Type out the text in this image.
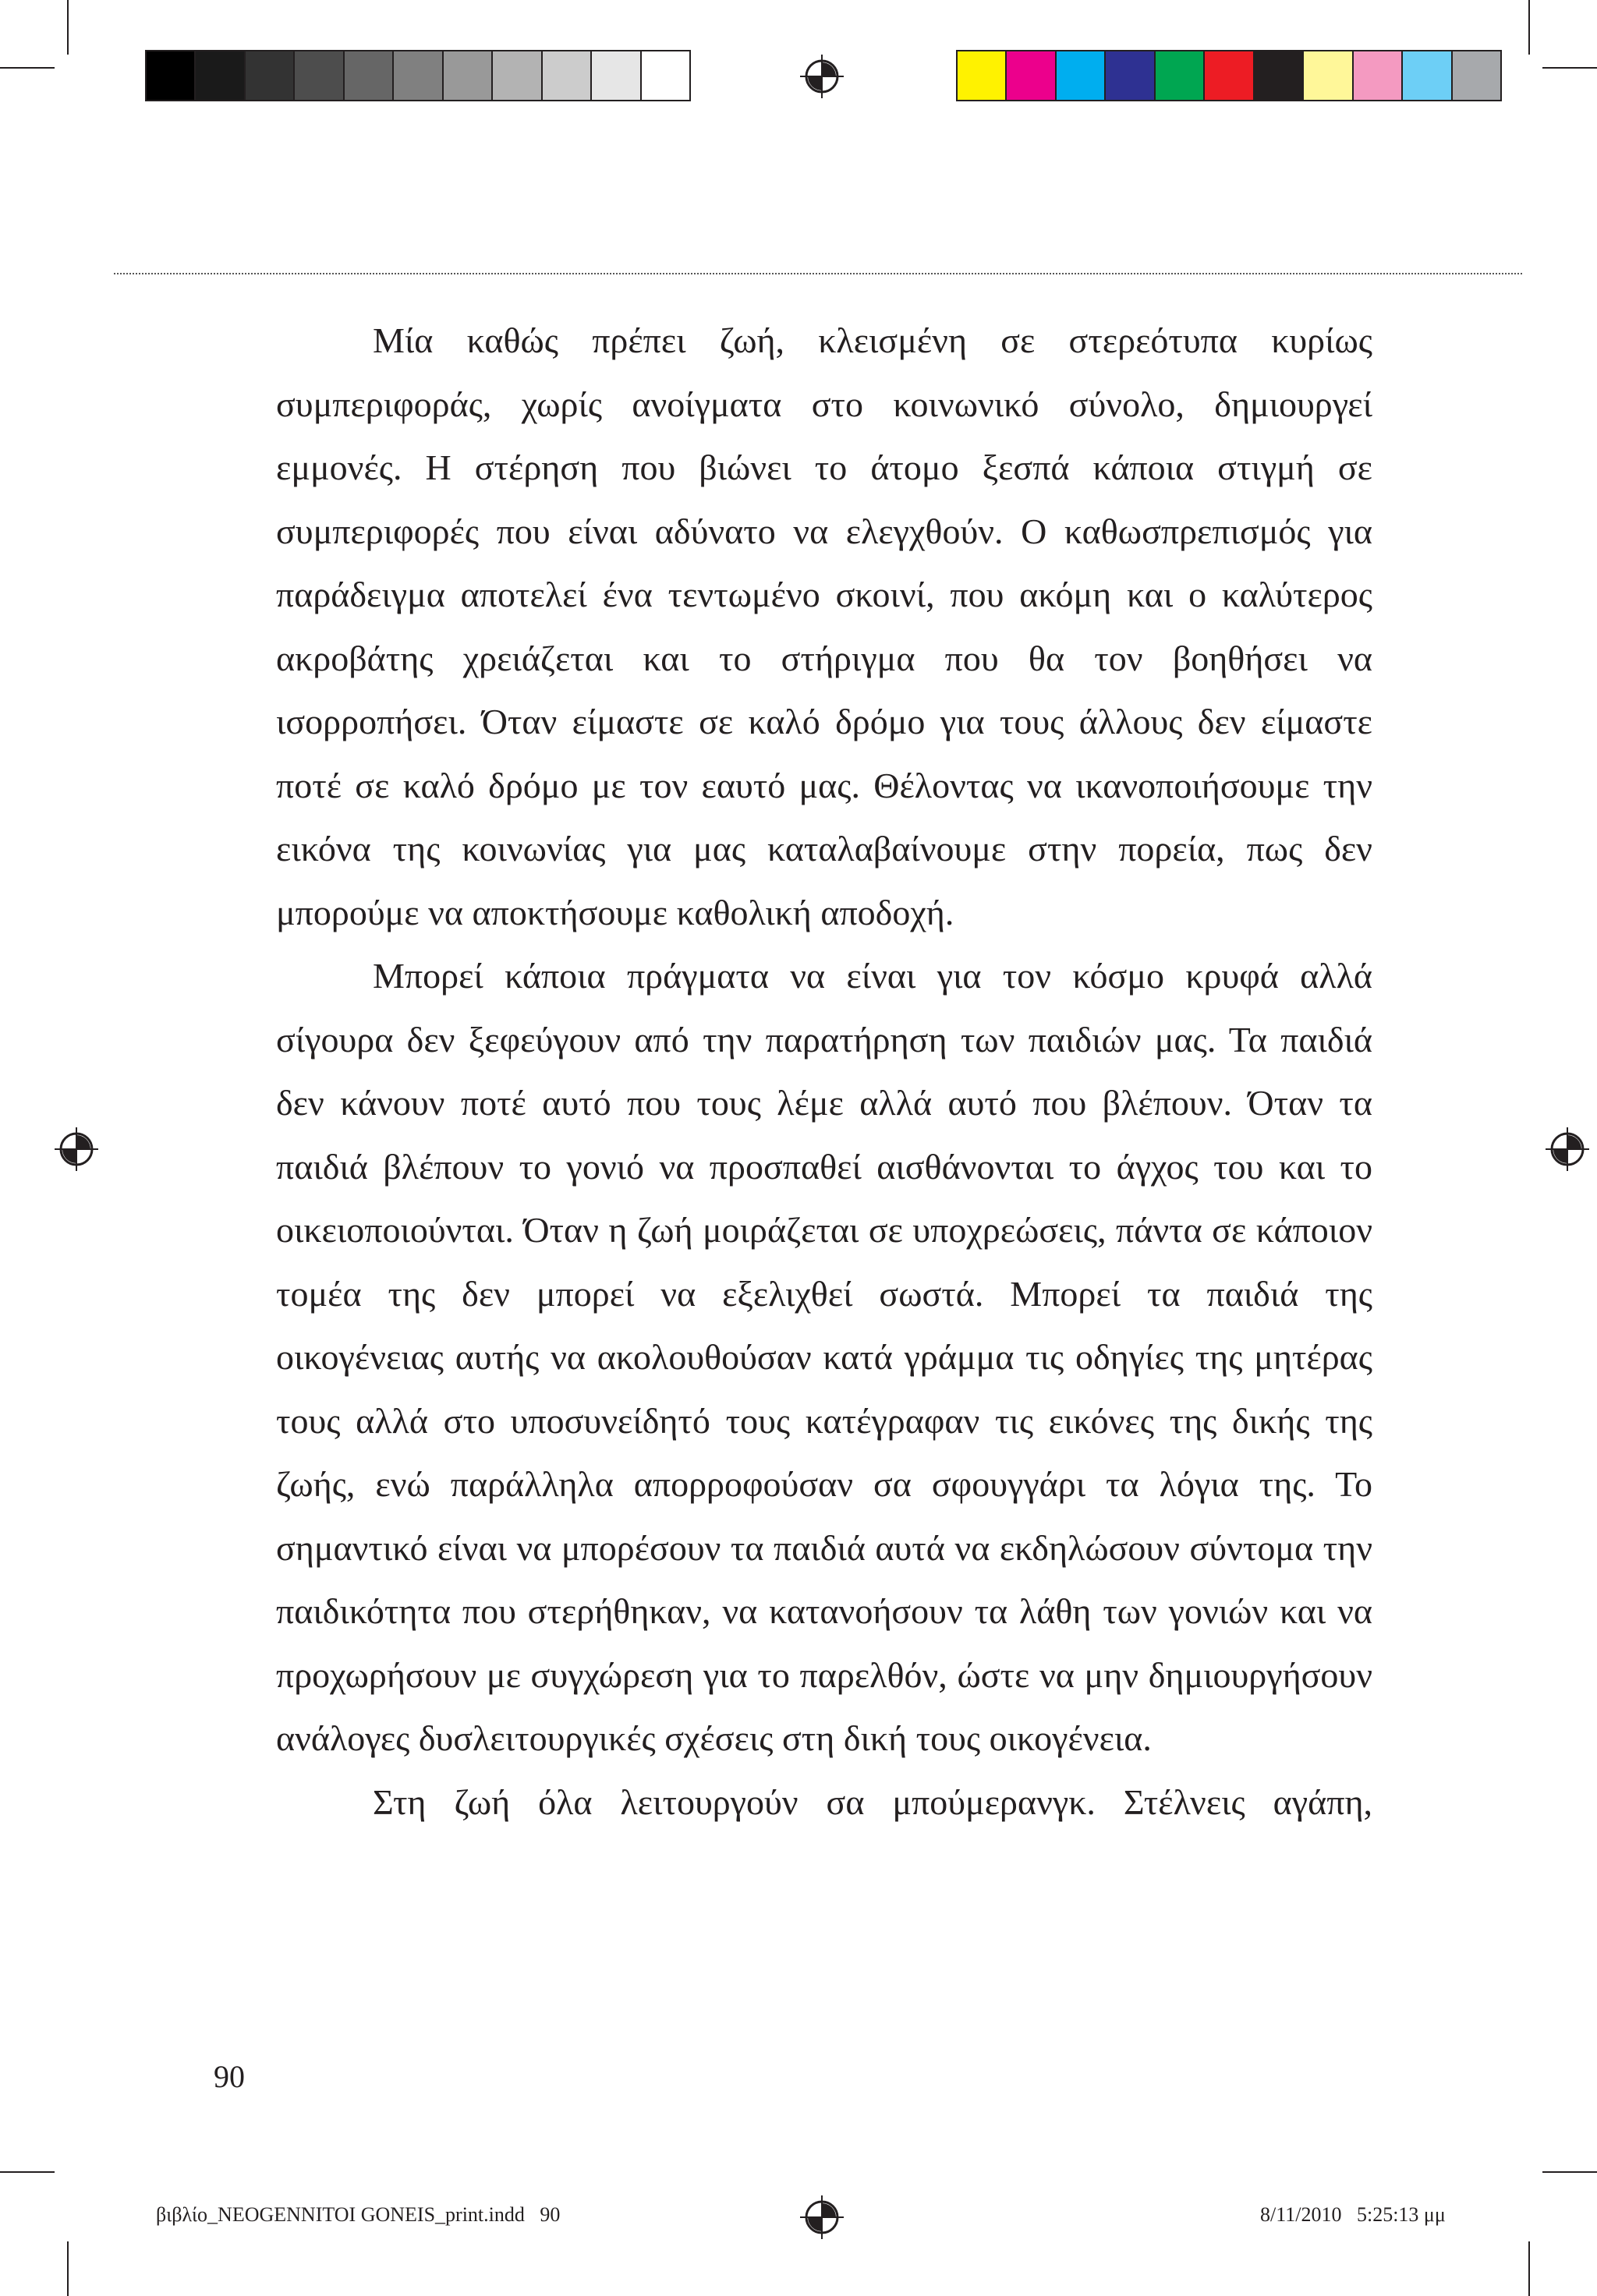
Μία καθώς πρέπει ζωή, κλεισμένη σε στερεότυπα κυρίως συμπεριφοράς, χωρίς ανοίγματα στο κοινωνικό σύνολο, δημιουργεί εμμονές. Η στέρηση που βιώνει το άτομο ξεσπά κάποια στιγμή σε συμπεριφορές που είναι αδύνατο να ελεγχθούν. Ο καθωσπρεπισμός για παράδειγμα αποτελεί ένα τεντωμένο σκοινί, που ακόμη και ο καλύτερος ακροβάτης χρειάζεται και το στήριγμα που θα τον βοηθήσει να ισορροπήσει. Όταν είμαστε σε καλό δρόμο για τους άλλους δεν είμαστε ποτέ σε καλό δρόμο με τον εαυτό μας. Θέλοντας να ικανοποιήσουμε την εικόνα της κοινωνίας για μας καταλαβαίνουμε στην πορεία, πως δεν μπορούμε να αποκτήσουμε καθολική αποδοχή.

Μπορεί κάποια πράγματα να είναι για τον κόσμο κρυφά αλλά σίγουρα δεν ξεφεύγουν από την παρατήρηση των παιδιών μας. Τα παιδιά δεν κάνουν ποτέ αυτό που τους λέμε αλλά αυτό που βλέπουν. Όταν τα παιδιά βλέπουν το γονιό να προσπαθεί αισθάνονται το άγχος του και το οικειοποιούνται. Όταν η ζωή μοιράζεται σε υποχρεώσεις, πάντα σε κάποιον τομέα της δεν μπορεί να εξελιχθεί σωστά. Μπορεί τα παιδιά της οικογένειας αυτής να ακολουθούσαν κατά γράμμα τις οδηγίες της μητέρας τους αλλά στο υποσυνείδητό τους κατέγραφαν τις εικόνες της δικής της ζωής, ενώ παράλληλα απορροφούσαν σα σφουγγάρι τα λόγια της. Το σημαντικό είναι να μπορέσουν τα παιδιά αυτά να εκδηλώσουν σύντομα την παιδικότητα που στερήθηκαν, να κατανοήσουν τα λάθη των γονιών και να προχωρήσουν με συγχώρεση για το παρελθόν, ώστε να μην δημιουργήσουν ανάλογες δυσλειτουργικές σχέσεις στη δική τους οικογένεια.

Στη ζωή όλα λειτουργούν σα μπούμερανγκ. Στέλνεις αγάπη,

90
βιβλίο_NEOGENNITOI GONEIS_print.indd   90	8/11/2010   5:25:13 μμ
